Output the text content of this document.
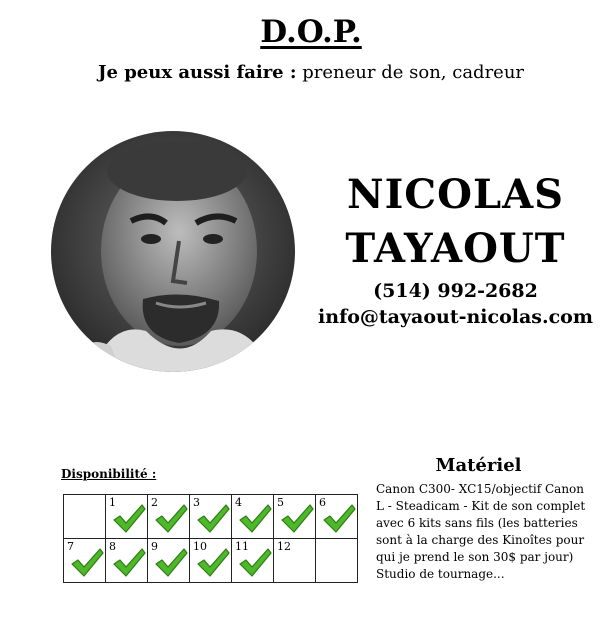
D.O.P.
Je peux aussi faire : preneur de son, cadreur
NICOLAS
TAYAOUT
(514) 992-2682
info@tayaout-nicolas.com
Disponibilité :

	1	2	3	4	5	6

7	8	9	10	11	12	

Matériel
Canon C300- XC15/objectif Canon L - Steadicam - Kit de son complet avec 6 kits sans fils (les batteries sont à la charge des Kinoîtes pour qui je prend le son 30$ par jour) Studio de tournage...
